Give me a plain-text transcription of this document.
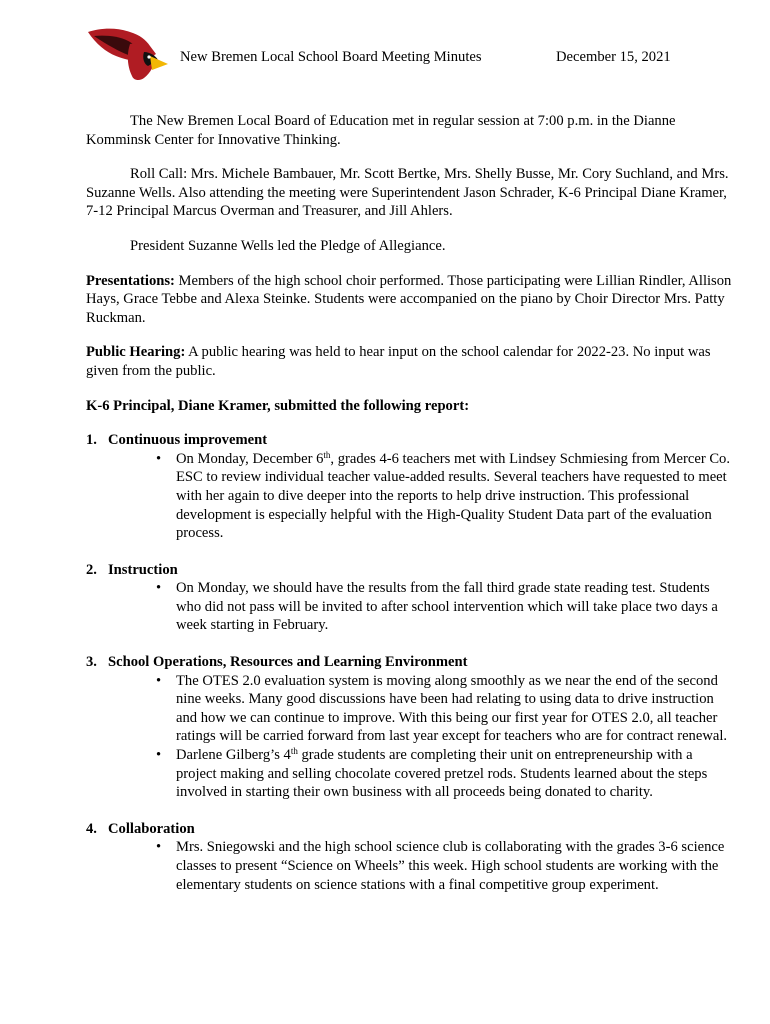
New Bremen Local School Board Meeting Minutes	December 15, 2021

The New Bremen Local Board of Education met in regular session at 7:00 p.m. in the Dianne Komminsk Center for Innovative Thinking.

Roll Call: Mrs. Michele Bambauer, Mr. Scott Bertke, Mrs. Shelly Busse, Mr. Cory Suchland, and Mrs. Suzanne Wells. Also attending the meeting were Superintendent Jason Schrader, K-6 Principal Diane Kramer, 7-12 Principal Marcus Overman and Treasurer, and Jill Ahlers.

President Suzanne Wells led the Pledge of Allegiance.

Presentations: Members of the high school choir performed. Those participating were Lillian Rindler, Allison Hays, Grace Tebbe and Alexa Steinke. Students were accompanied on the piano by Choir Director Mrs. Patty Ruckman.

Public Hearing: A public hearing was held to hear input on the school calendar for 2022-23. No input was given from the public.

K-6 Principal, Diane Kramer, submitted the following report:
1. Continuous improvement
• On Monday, December 6th, grades 4-6 teachers met with Lindsey Schmiesing from Mercer Co. ESC to review individual teacher value-added results. Several teachers have requested to meet with her again to dive deeper into the reports to help drive instruction. This professional development is especially helpful with the High-Quality Student Data part of the evaluation process.
2. Instruction
• On Monday, we should have the results from the fall third grade state reading test. Students who did not pass will be invited to after school intervention which will take place two days a week starting in February.
3. School Operations, Resources and Learning Environment
• The OTES 2.0 evaluation system is moving along smoothly as we near the end of the second nine weeks. Many good discussions have been had relating to using data to drive instruction and how we can continue to improve. With this being our first year for OTES 2.0, all teacher ratings will be carried forward from last year except for teachers who are for contract renewal.
• Darlene Gilberg’s 4th grade students are completing their unit on entrepreneurship with a project making and selling chocolate covered pretzel rods. Students learned about the steps involved in starting their own business with all proceeds being donated to charity.
4. Collaboration
• Mrs. Sniegowski and the high school science club is collaborating with the grades 3-6 science classes to present “Science on Wheels” this week. High school students are working with the elementary students on science stations with a final competitive group experiment.
